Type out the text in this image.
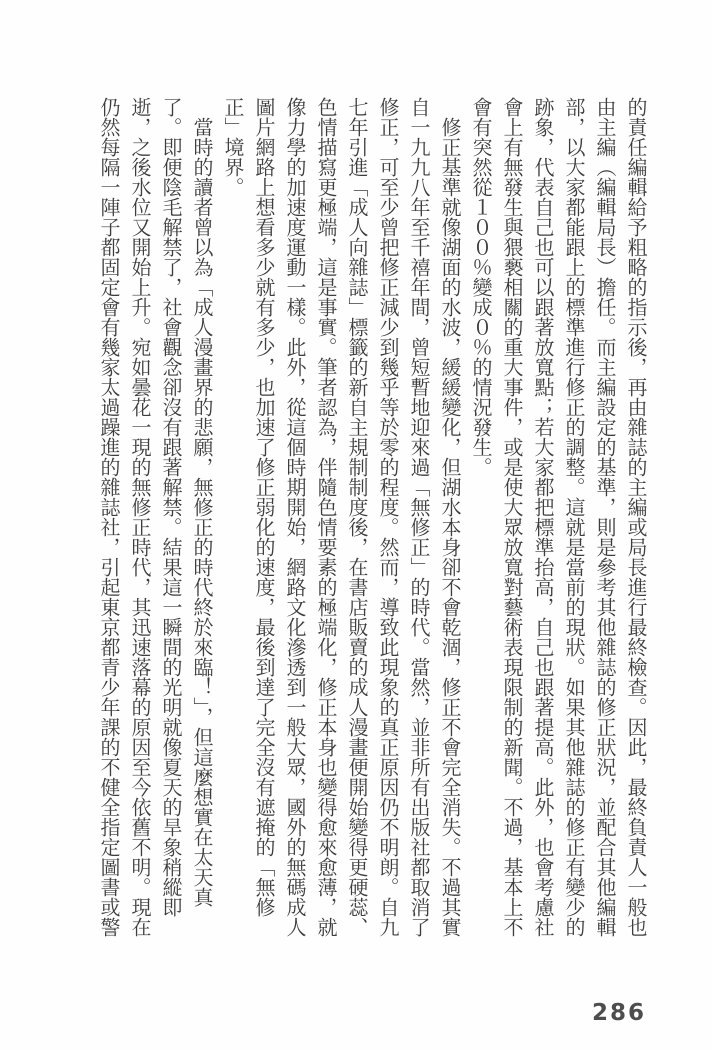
的責任編輯給予粗略的指示後，再由雜誌的主編或局長進行最終檢查。因此，最終負責人一般也由主編（編輯局長）擔任。而主編設定的基準，則是參考其他雜誌的修正狀況，並配合其他編輯部，以大家都能跟上的標準進行修正的調整。這就是當前的現狀。如果其他雜誌的修正有變少的跡象，代表自己也可以跟著放寬點；若大家都把標準抬高，自己也跟著提高。此外，也會考慮社會上有無發生與猥褻相關的重大事件，或是使大眾放寬對藝術表現限制的新聞。不過，基本上不會有突然從１００％變成０％的情況發生。

修正基準就像湖面的水波，緩緩變化，但湖水本身卻不會乾涸，修正不會完全消失。不過其實自一九九八年至千禧年間，曾短暫地迎來過「無修正」的時代。當然，並非所有出版社都取消了修正，可至少曾把修正減少到幾乎等於零的程度。然而，導致此現象的真正原因仍不明朗。自九七年引進「成人向雜誌」標籤的新自主規制制度後，在書店販賣的成人漫畫便開始變得更硬蕊、色情描寫更極端，這是事實。筆者認為，伴隨色情要素的極端化，修正本身也變得愈來愈薄，就像力學的加速度運動一樣。此外，從這個時期開始，網路文化滲透到一般大眾，國外的無碼成人圖片網路上想看多少就有多少，也加速了修正弱化的速度，最後到達了完全沒有遮掩的「無修正」境界。

當時的讀者曾以為「成人漫畫界的悲願，無修正的時代終於來臨！」，但這麼想實在太天真了。即便陰毛解禁了，社會觀念卻沒有跟著解禁。結果這一瞬間的光明就像夏天的旱象稍縱即逝，之後水位又開始上升。宛如曇花一現的無修正時代，其迅速落幕的原因至今依舊不明。現在仍然每隔一陣子都固定會有幾家太過躁進的雜誌社，引起東京都青少年課的不健全指定圖書或警

286
